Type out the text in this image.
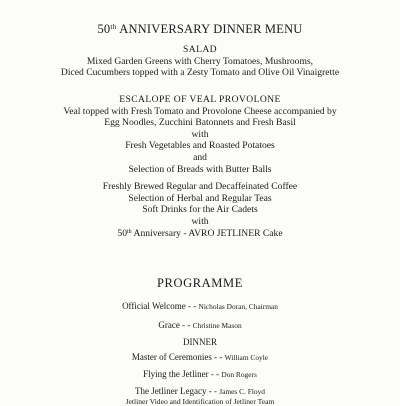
50th ANNIVERSARY DINNER MENU
SALAD
Mixed Garden Greens with Cherry Tomatoes, Mushrooms,
Diced Cucumbers topped with a Zesty Tomato and Olive Oil Vinaigrette
ESCALOPE OF VEAL PROVOLONE
Veal topped with Fresh Tomato and Provolone Cheese accompanied by
Egg Noodles, Zucchini Batonnets and Fresh Basil
with
Fresh Vegetables and Roasted Potatoes
and
Selection of Breads with Butter Balls
Freshly Brewed Regular and Decaffeinated Coffee
Selection of Herbal and Regular Teas
Soft Drinks for the Air Cadets
with
50th Anniversary - AVRO JETLINER Cake
PROGRAMME
Official Welcome - - Nicholas Doran, Chairman
Grace - - Christine Mason
DINNER
Master of Ceremonies - - William Coyle
Flying the Jetliner - - Don Rogers
The Jetliner Legacy - - James C. Floyd
Jetliner Video and Identification of Jetliner Team
